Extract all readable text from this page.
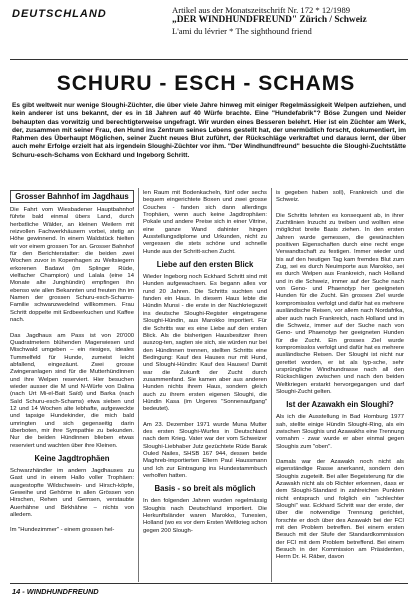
DEUTSCHLAND	Artikel aus der Monatszeitschrift Nr. 172 * 12/1989
„DER WINDHUNDFREUND" Zürich / Schweiz
L'ami du lévrier * The sighthound friend
SCHURU - ESCH - SCHAMS

Es gibt weltweit nur wenige Sloughi-Züchter, die über viele Jahre hinweg mit einiger Regelmässigkeit Welpen aufziehen, und kein anderer ist uns bekannt, der es in 18 Jahren auf 40 Würfe brachte. Eine "Hundefabrik"? Böse Zungen und Neider behaupten das vorwitzig und berechtigterweise ungefragt. Wir wurden eines Besseren belehrt. Hier ist ein Züchter am Werk, der, zusammen mit seiner Frau, den Hund ins Zentrum seines Lebens gestellt hat, der unermüdlich forscht, dokumentiert, im Rahmen des Überhaupt Möglichen, seiner Zucht neues Blut zuführt, der Rückschläge verkraftet und daraus lernt, der über auch mehr Erfolge erzielt hat als irgendein Sloughi-Züchter vor ihm. "Der Windhundfreund" besuchte die Sloughi-Zuchtstätte Schuru-esch-Schams von Eckhard und Ingeborg Schritt.

Grosser Bahnhof im Jagdhaus

Die Fahrt vom Wiesbadener Hauptbahnhof führte bald einmal übers Land, durch herbstliche Wälder, an kleinen Weilern mit reizvollen Fachwerkhäusern vorbei, stetig an Höhe gewinnend. In einem Waldstück hielten wir vor einem grossen Tor an. Grosser Bahnhof für den Berichterstatter: die beiden zwei Wochen zuvor in Kopenhagen zu Weltsiegern erkorenen Badawi (im Splinger Rüde, vielfacher Champion) und Lalala (eine 14 Monate alte Junghündin) empfingen ihn ebenso wie allen Bekannten und freuten ihn im Namen der grossen Schuru-esch-Schams-Familie schwanzwedelnd willkommen. Frau Schritt doppelte mit Erdbeerkuchen und Kaffee nach.

Das Jagdhaus am Pass ist von 20'000 Quadratmetern blühenden Magerwiesen und Mischwald umgeben – ein riesiges, ideales Tummelfeld für Hunde, zumeist leicht abfallend, eingezäunt. Zwei grosse Zwingeranlagen sind für die Mutterhündinnen und ihre Welpen reserviert. Hier besuchen wieder ausser die M und N-Würfe von Dalina (nach Urt Mi-el-Bait Saïd) und Barka (nach Saïd Schuru-esch-Schams) etwa sieben und 12 und 14 Wochen alte lebhafte, aufgeweckte und tapsige Hundekinder, die mich bald umringten und sich gegenseitig darin überboten, mir ihre Sympathie zu bekunden. Nur die beiden Hündinnen blieben etwas reserviert und wachten über ihre Kleinen.

Keine Jagdtrophäen

Schwarzhändler im andern Jagdhauses zu Gast und in einem Hallo voller Trophäen: ausgestopfte Wildschwein- und Hirsch-köpfe, Geweihe und Gehörne in allen Grössen von Hirschen, Rehen und Gemsen, verstaubte Auerhähne und Birkhähne – nichts von alledem.

Im "Hundezimmer" - einem grossen hel-

len Raum mit Bodenkacheln, fünf oder sechs bequem eingerichtete Boxen und zwei grosse Couches - fanden sich dann allerdings Trophäen, wenn auch keine Jagdtrophäen: Pokale und andere Preise sich in einer Vitrine, eine ganze Wand dahinter hingen Ausstellungsdiplome und Urkunden, nicht zu vergessen die stets schöne und schnelle Hunde aus der Schritt-schen Zucht.

Liebe auf den ersten Blick

Wieder Ingeborg noch Eckhard Schritt sind mit Hunden aufgewachsen. Es begann alles vor rund 20 Jahren. Die Schritts suchten und fanden ein Haus. In diesem Haus lebte die Hündin Munsi - die erste in der Nachkriegszeit ins deutsche Sloughi-Register eingetragene Sloughi-Hündin, aus Marokko importiert. Für die Schritts war es eine Liebe auf den ersten Blick. Als die bisherigen Hausbesitzer ihren auszog-ten, sagten sie sich, sie würden nur bei den Hündinnen trennen, stellten Schritts eine Bedingung: Kauf des Hauses nur mit Hund, und Sloughi-Hündin: Kauf des Hauses! Damit war die Zukunft der Zucht durch zusammenfand. Sie kamen aber aus anderen Hunden nichts ihrem Haus, sondern gleich auch zu ihrem ersten eigenen Sloughi, die Hündin Kasa (im Urgeres "Sonnenaufgang" bedeutet).

Am 23. Dezember 1971 wurde Muna Mutter des ersten Sloughi-Wurfes in Deutschland nach dem Krieg. Vater war der vom Schweizer Sloughi-Liebhaber Jutz gezüchtete Rüde Barak Ouled Nailes, SHSB 167 944, dessen beide Maghreb-importierten Eltern Paul Haussmann und Ich zur Eintragung ins Hundestammbuch verholfen hatten.

Basis - so breit als möglich

In den folgenden Jahren wurden regelmässig Sloughis nach Deutschland importiert. Die Herkunftsländer waren Marokko, Tunesien, Holland (wo es vor dem Ersten Weltkrieg schon gegen 200 Slough-

is gegeben haben soll), Frankreich und die Schweiz.

Die Schritts lehnten es konsequent ab, in ihrer Zuchtlinien Inzucht zu treiben und wollten eine möglichst breite Basis ziehen. In den ersten Jahren wurde gemessen, die gewünschten positiven Eigenschaften durch eine recht enge Verwandtschaft zu festigen. Immer wieder und bis auf den heutigen Tag kam fremdes Blut zum Zug, sei es durch Neuimporte aus Marokko, sei es durch Welpen aus Frankreich, nach Holland und in die Schweiz, immer auf der Suche nach von Geno- und Phaenotyp her geeigneten Hunden für die Zucht. Ein grosses Ziel wurde kompromisslos verfolgt und dafür hat es mehrere ausländische Reisen, vor allem nach Nordafrika, aber auch nach Frankreich, nach Holland und in die Schweiz, immer auf der Suche nach von Geno- und Phaenotyp her geeigneten Hunden für die Zucht. Ein grosses Ziel wurde kompromisslos verfolgt und dafür hat es mehrere ausländische Reisen. Der Sloughi ist nicht nur gerettet worden, er ist als typ-sche, sehr ursprüngliche Windhundrasse nach all den Rückschlägen zwischen und nach den beiden Weltkriegen erstarkt hervorgegangen und darf Sloughi-Zucht gelten.

Ist der Azawakh ein Sloughi?

Als ich die Ausstellung in Bad Homburg 1977 sah, stellte einige Hündin Sloughi-Ring, als ein zwischen Sloughis und Azawakhs eine Trennung vornahm - zwar wurde er aber einmal gegen Sloughis zum "oben".

Damals war der Azawakh noch nicht als eigenständige Rasse anerkannt, sondern den Sloughis zugeteilt. Bei aller Begeisterung für die Azawakh nicht als ob Richter erkennen, dass er dem Sloughi-Standard in zahlreichen Punkten nicht entsprach und folglich ein "schlechter Sloughi" war. Eckhard Schritt war der erste, der über die notwendige Trennung gerichtet, forschte er doch über des Azawakh bei der FCI mit den Problem betreffen. Bei einem ersten Besuch mit der Stufe der Standardkommission der FCI mit dem Problem betreffend. Bei einem Besuch in der Kommission am Präsidenten, Herrn Dr. H. Räber, davon

14 - WINDHUNDFREUND
